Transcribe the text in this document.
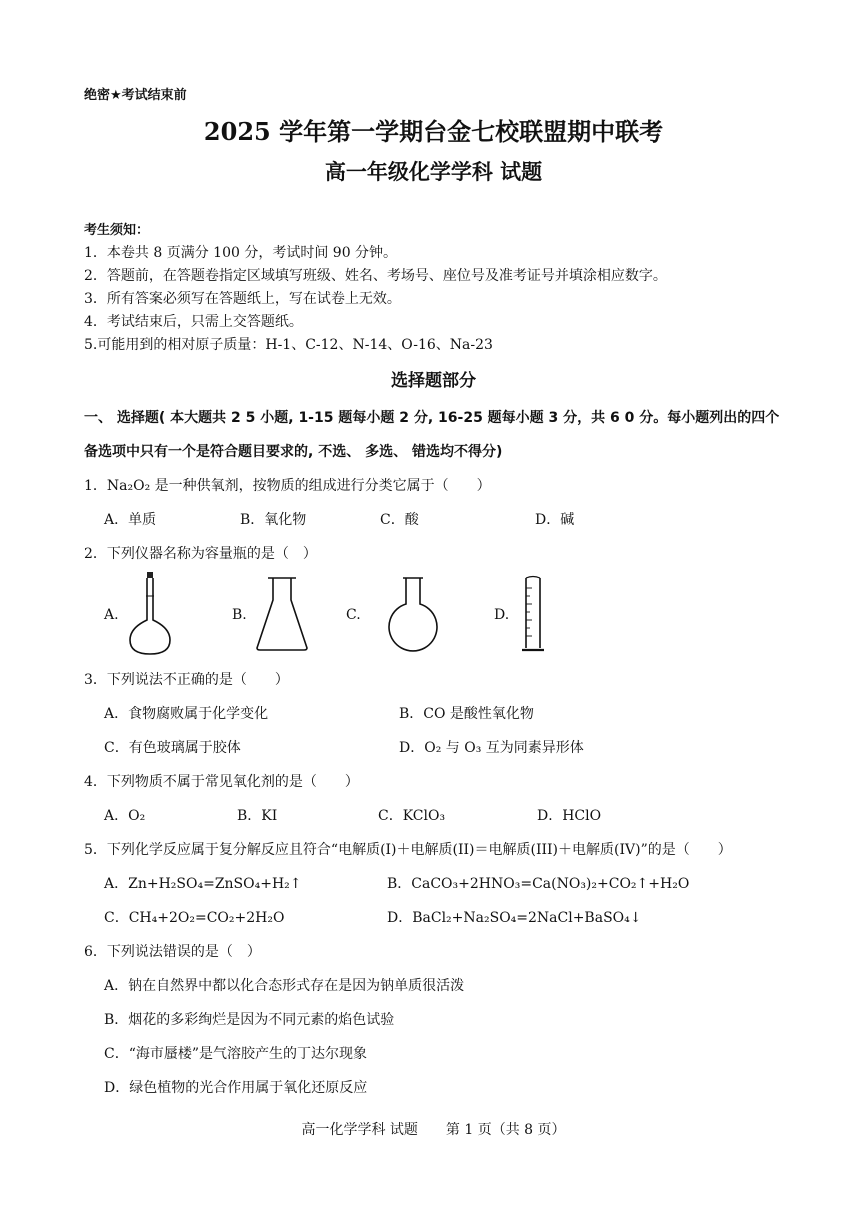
绝密★考试结束前
2025 学年第一学期台金七校联盟期中联考
高一年级化学学科 试题
考生须知：
1．本卷共 8 页满分 100 分，考试时间 90 分钟。
2．答题前，在答题卷指定区域填写班级、姓名、考场号、座位号及准考证号并填涂相应数字。
3．所有答案必须写在答题纸上，写在试卷上无效。
4．考试结束后，只需上交答题纸。
5.可能用到的相对原子质量：H-1、C-12、N-14、O-16、Na-23
选择题部分
一、 选择题( 本大题共 2 5 小题, 1-15 题每小题 2 分, 16-25 题每小题 3 分，共 6 0 分。每小题列出的四个
备选项中只有一个是符合题目要求的, 不选、 多选、 错选均不得分)
1．Na₂O₂ 是一种供氧剂，按物质的组成进行分类它属于（　　）
A．单质	B．氧化物	C．酸	D．碱
2．下列仪器名称为容量瓶的是（　）
A.	B.	C.	D.
3．下列说法不正确的是（　　）
A．食物腐败属于化学变化	B．CO 是酸性氧化物
C．有色玻璃属于胶体	D．O₂ 与 O₃ 互为同素异形体
4．下列物质不属于常见氧化剂的是（　　）
A．O₂	B．KI	C．KClO₃	D．HClO
5．下列化学反应属于复分解反应且符合“电解质(I)＋电解质(II)＝电解质(III)＋电解质(IV)”的是（　　）
A．Zn+H₂SO₄=ZnSO₄+H₂↑	B．CaCO₃+2HNO₃=Ca(NO₃)₂+CO₂↑+H₂O
C．CH₄+2O₂=CO₂+2H₂O	D．BaCl₂+Na₂SO₄=2NaCl+BaSO₄↓
6．下列说法错误的是（　）
A．钠在自然界中都以化合态形式存在是因为钠单质很活泼
B．烟花的多彩绚烂是因为不同元素的焰色试验
C．“海市蜃楼”是气溶胶产生的丁达尔现象
D．绿色植物的光合作用属于氧化还原反应
高一化学学科 试题　　第 1 页（共 8 页）
